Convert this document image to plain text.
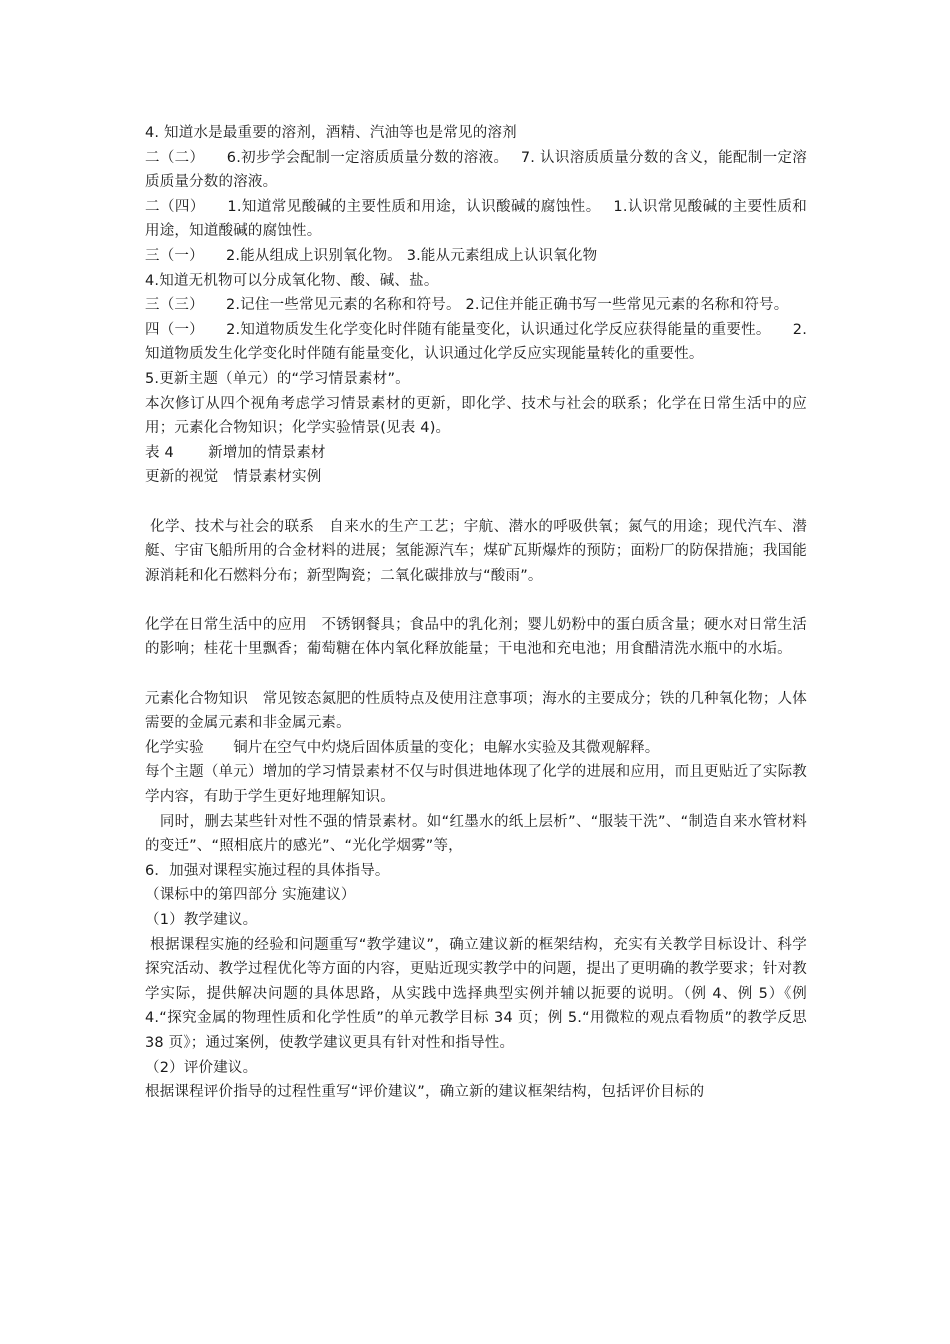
4. 知道水是最重要的溶剂，酒精、汽油等也是常见的溶剂

二（二）　　6.初步学会配制一定溶质质量分数的溶液。　 7. 认识溶质质量分数的含义，能配制一定溶质质量分数的溶液。

二（四）　　1.知道常见酸碱的主要性质和用途，认识酸碱的腐蚀性。　 1.认识常见酸碱的主要性质和用途，知道酸碱的腐蚀性。

三（一）　　2.能从组成上识别氧化物。 3.能从元素组成上认识氧化物

4.知道无机物可以分成氧化物、酸、碱、盐。

三（三）　　2.记住一些常见元素的名称和符号。 2.记住并能正确书写一些常见元素的名称和符号。

四（一）　　2.知道物质发生化学变化时伴随有能量变化，认识通过化学反应获得能量的重要性。　　2.知道物质发生化学变化时伴随有能量变化，认识通过化学反应实现能量转化的重要性。

5.更新主题（单元）的“学习情景素材”。

本次修订从四个视角考虑学习情景素材的更新，即化学、技术与社会的联系；化学在日常生活中的应用；元素化合物知识；化学实验情景(见表 4)。

表 4　　 新增加的情景素材

更新的视觉　情景素材实例

化学、技术与社会的联系　自来水的生产工艺；宇航、潜水的呼吸供氧；氮气的用途；现代汽车、潜艇、宇宙飞船所用的合金材料的进展；氢能源汽车；煤矿瓦斯爆炸的预防；面粉厂的防保措施；我国能源消耗和化石燃料分布；新型陶瓷；二氧化碳排放与“酸雨”。

化学在日常生活中的应用　不锈钢餐具；食品中的乳化剂；婴儿奶粉中的蛋白质含量；硬水对日常生活的影响；桂花十里飘香；葡萄糖在体内氧化释放能量；干电池和充电池；用食醋清洗水瓶中的水垢。

元素化合物知识　常见铵态氮肥的性质特点及使用注意事项；海水的主要成分；铁的几种氧化物；人体需要的金属元素和非金属元素。

化学实验　　铜片在空气中灼烧后固体质量的变化；电解水实验及其微观解释。

每个主题（单元）增加的学习情景素材不仅与时俱进地体现了化学的进展和应用，而且更贴近了实际教学内容，有助于学生更好地理解知识。

　同时，删去某些针对性不强的情景素材。如“红墨水的纸上层析”、“服装干洗”、“制造自来水管材料的变迁”、“照相底片的感光”、“光化学烟雾”等，

6．加强对课程实施过程的具体指导。

（课标中的第四部分 实施建议）

（1）教学建议。

根据课程实施的经验和问题重写“教学建议”，确立建议新的框架结构，充实有关教学目标设计、科学探究活动、教学过程优化等方面的内容，更贴近现实教学中的问题，提出了更明确的教学要求；针对教学实际，提供解决问题的具体思路，从实践中选择典型实例并辅以扼要的说明。（例 4、例 5）《例 4.“探究金属的物理性质和化学性质”的单元教学目标 34 页；例 5.“用微粒的观点看物质”的教学反思 38 页》；通过案例，使教学建议更具有针对性和指导性。

（2）评价建议。

根据课程评价指导的过程性重写“评价建议”，确立新的建议框架结构，包括评价目标的
